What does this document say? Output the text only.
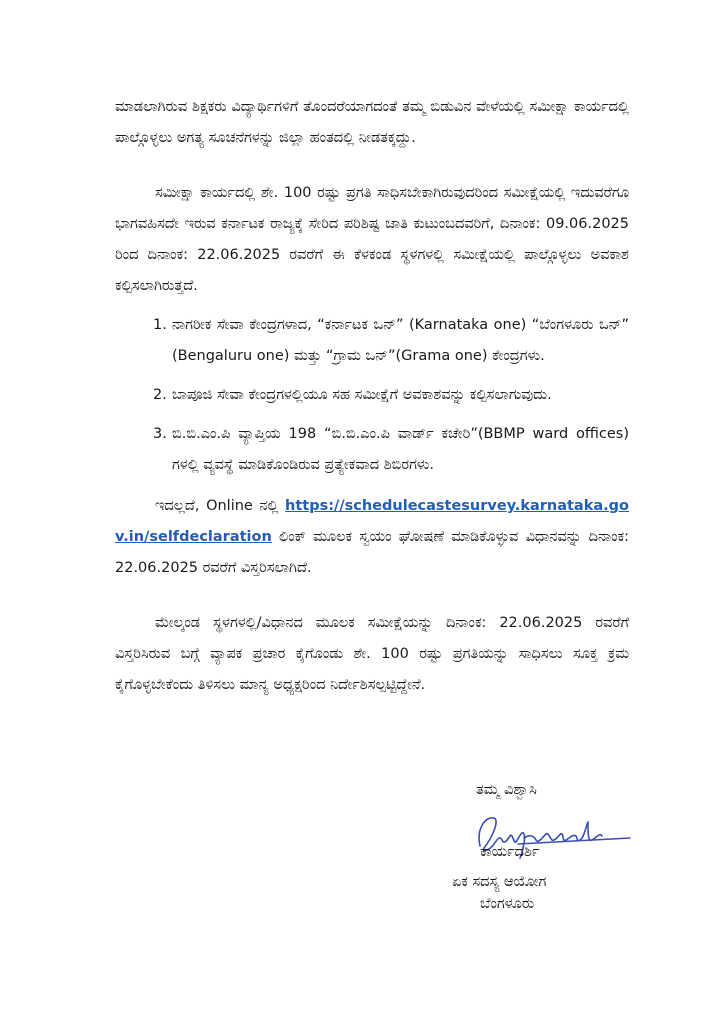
ಮಾಡಲಾಗಿರುವ ಶಿಕ್ಷಕರು ವಿದ್ಯಾರ್ಥಿಗಳಿಗೆ ತೊಂದರೆಯಾಗದಂತೆ ತಮ್ಮ ಬಿಡುವಿನ ವೇಳೆಯಲ್ಲಿ ಸಮೀಕ್ಷಾ ಕಾರ್ಯದಲ್ಲಿ ಪಾಲ್ಗೊಳ್ಳಲು ಅಗತ್ಯ ಸೂಚನೆಗಳನ್ನು ಜಿಲ್ಲಾ ಹಂತದಲ್ಲಿ ನೀಡತಕ್ಕದ್ದು.

ಸಮೀಕ್ಷಾ ಕಾರ್ಯದಲ್ಲಿ ಶೇ. 100 ರಷ್ಟು ಪ್ರಗತಿ ಸಾಧಿಸಬೇಕಾಗಿರುವುದರಿಂದ ಸಮೀಕ್ಷೆಯಲ್ಲಿ ಇದುವರೆಗೂ ಭಾಗವಹಿಸದೇ ಇರುವ ಕರ್ನಾಟಕ ರಾಜ್ಯಕ್ಕೆ ಸೇರಿದ ಪರಿಶಿಷ್ಟ ಜಾತಿ ಕುಟುಂಬದವರಿಗೆ, ದಿನಾಂಕ: 09.06.2025 ರಿಂದ ದಿನಾಂಕ: 22.06.2025 ರವರೆಗೆ ಈ ಕೆಳಕಂಡ ಸ್ಥಳಗಳಲ್ಲಿ ಸಮೀಕ್ಷೆಯಲ್ಲಿ ಪಾಲ್ಗೊಳ್ಳಲು ಅವಕಾಶ ಕಲ್ಪಿಸಲಾಗಿರುತ್ತದೆ.

1. ನಾಗರೀಕ ಸೇವಾ ಕೇಂದ್ರಗಳಾದ, “ಕರ್ನಾಟಕ ಒನ್” (Karnataka one) “ಬೆಂಗಳೂರು ಒನ್” (Bengaluru one) ಮತ್ತು “ಗ್ರಾಮ ಒನ್”(Grama one) ಕೇಂದ್ರಗಳು.
2. ಬಾಪೂಜಿ ಸೇವಾ ಕೇಂದ್ರಗಳಲ್ಲಿಯೂ ಸಹ ಸಮೀಕ್ಷೆಗೆ ಅವಕಾಶವನ್ನು ಕಲ್ಪಿಸಲಾಗುವುದು.
3. ಬಿ.ಬಿ.ಎಂ.ಪಿ ವ್ಯಾಪ್ತಿಯ 198 “ಬಿ.ಬಿ.ಎಂ.ಪಿ ವಾರ್ಡ್ ಕಚೇರಿ”(BBMP ward offices) ಗಳಲ್ಲಿ ವ್ಯವಸ್ಥೆ ಮಾಡಿಕೊಂಡಿರುವ ಪ್ರತ್ಯೇಕವಾದ ಶಿಬಿರಗಳು.

ಇದಲ್ಲದೆ, Online ನಲ್ಲಿ https://schedulecastesurvey.karnataka.gov.in/selfdeclaration ಲಿಂಕ್ ಮೂಲಕ ಸ್ವಯಂ ಘೋಷಣೆ ಮಾಡಿಕೊಳ್ಳುವ ವಿಧಾನವನ್ನು ದಿನಾಂಕ: 22.06.2025 ರವರೆಗೆ ವಿಸ್ತರಿಸಲಾಗಿದೆ.

ಮೇಲ್ಕಂಡ ಸ್ಥಳಗಳಲ್ಲಿ/ವಿಧಾನದ ಮೂಲಕ ಸಮೀಕ್ಷೆಯನ್ನು ದಿನಾಂಕ: 22.06.2025 ರವರೆಗೆ ವಿಸ್ತರಿಸಿರುವ ಬಗ್ಗೆ ವ್ಯಾಪಕ ಪ್ರಚಾರ ಕೈಗೊಂಡು ಶೇ. 100 ರಷ್ಟು ಪ್ರಗತಿಯನ್ನು ಸಾಧಿಸಲು ಸೂಕ್ತ ಕ್ರಮ ಕೈಗೊಳ್ಳಬೇಕೆಂದು ತಿಳಿಸಲು ಮಾನ್ಯ ಅಧ್ಯಕ್ಷರಿಂದ ನಿರ್ದೇಶಿಸಲ್ಪಟ್ಟಿದ್ದೇನೆ.

ತಮ್ಮ ವಿಶ್ವಾಸಿ
ಕಾರ್ಯದರ್ಶಿ
ಏಕ ಸದಸ್ಯ ಆಯೋಗ
ಬೆಂಗಳೂರು
